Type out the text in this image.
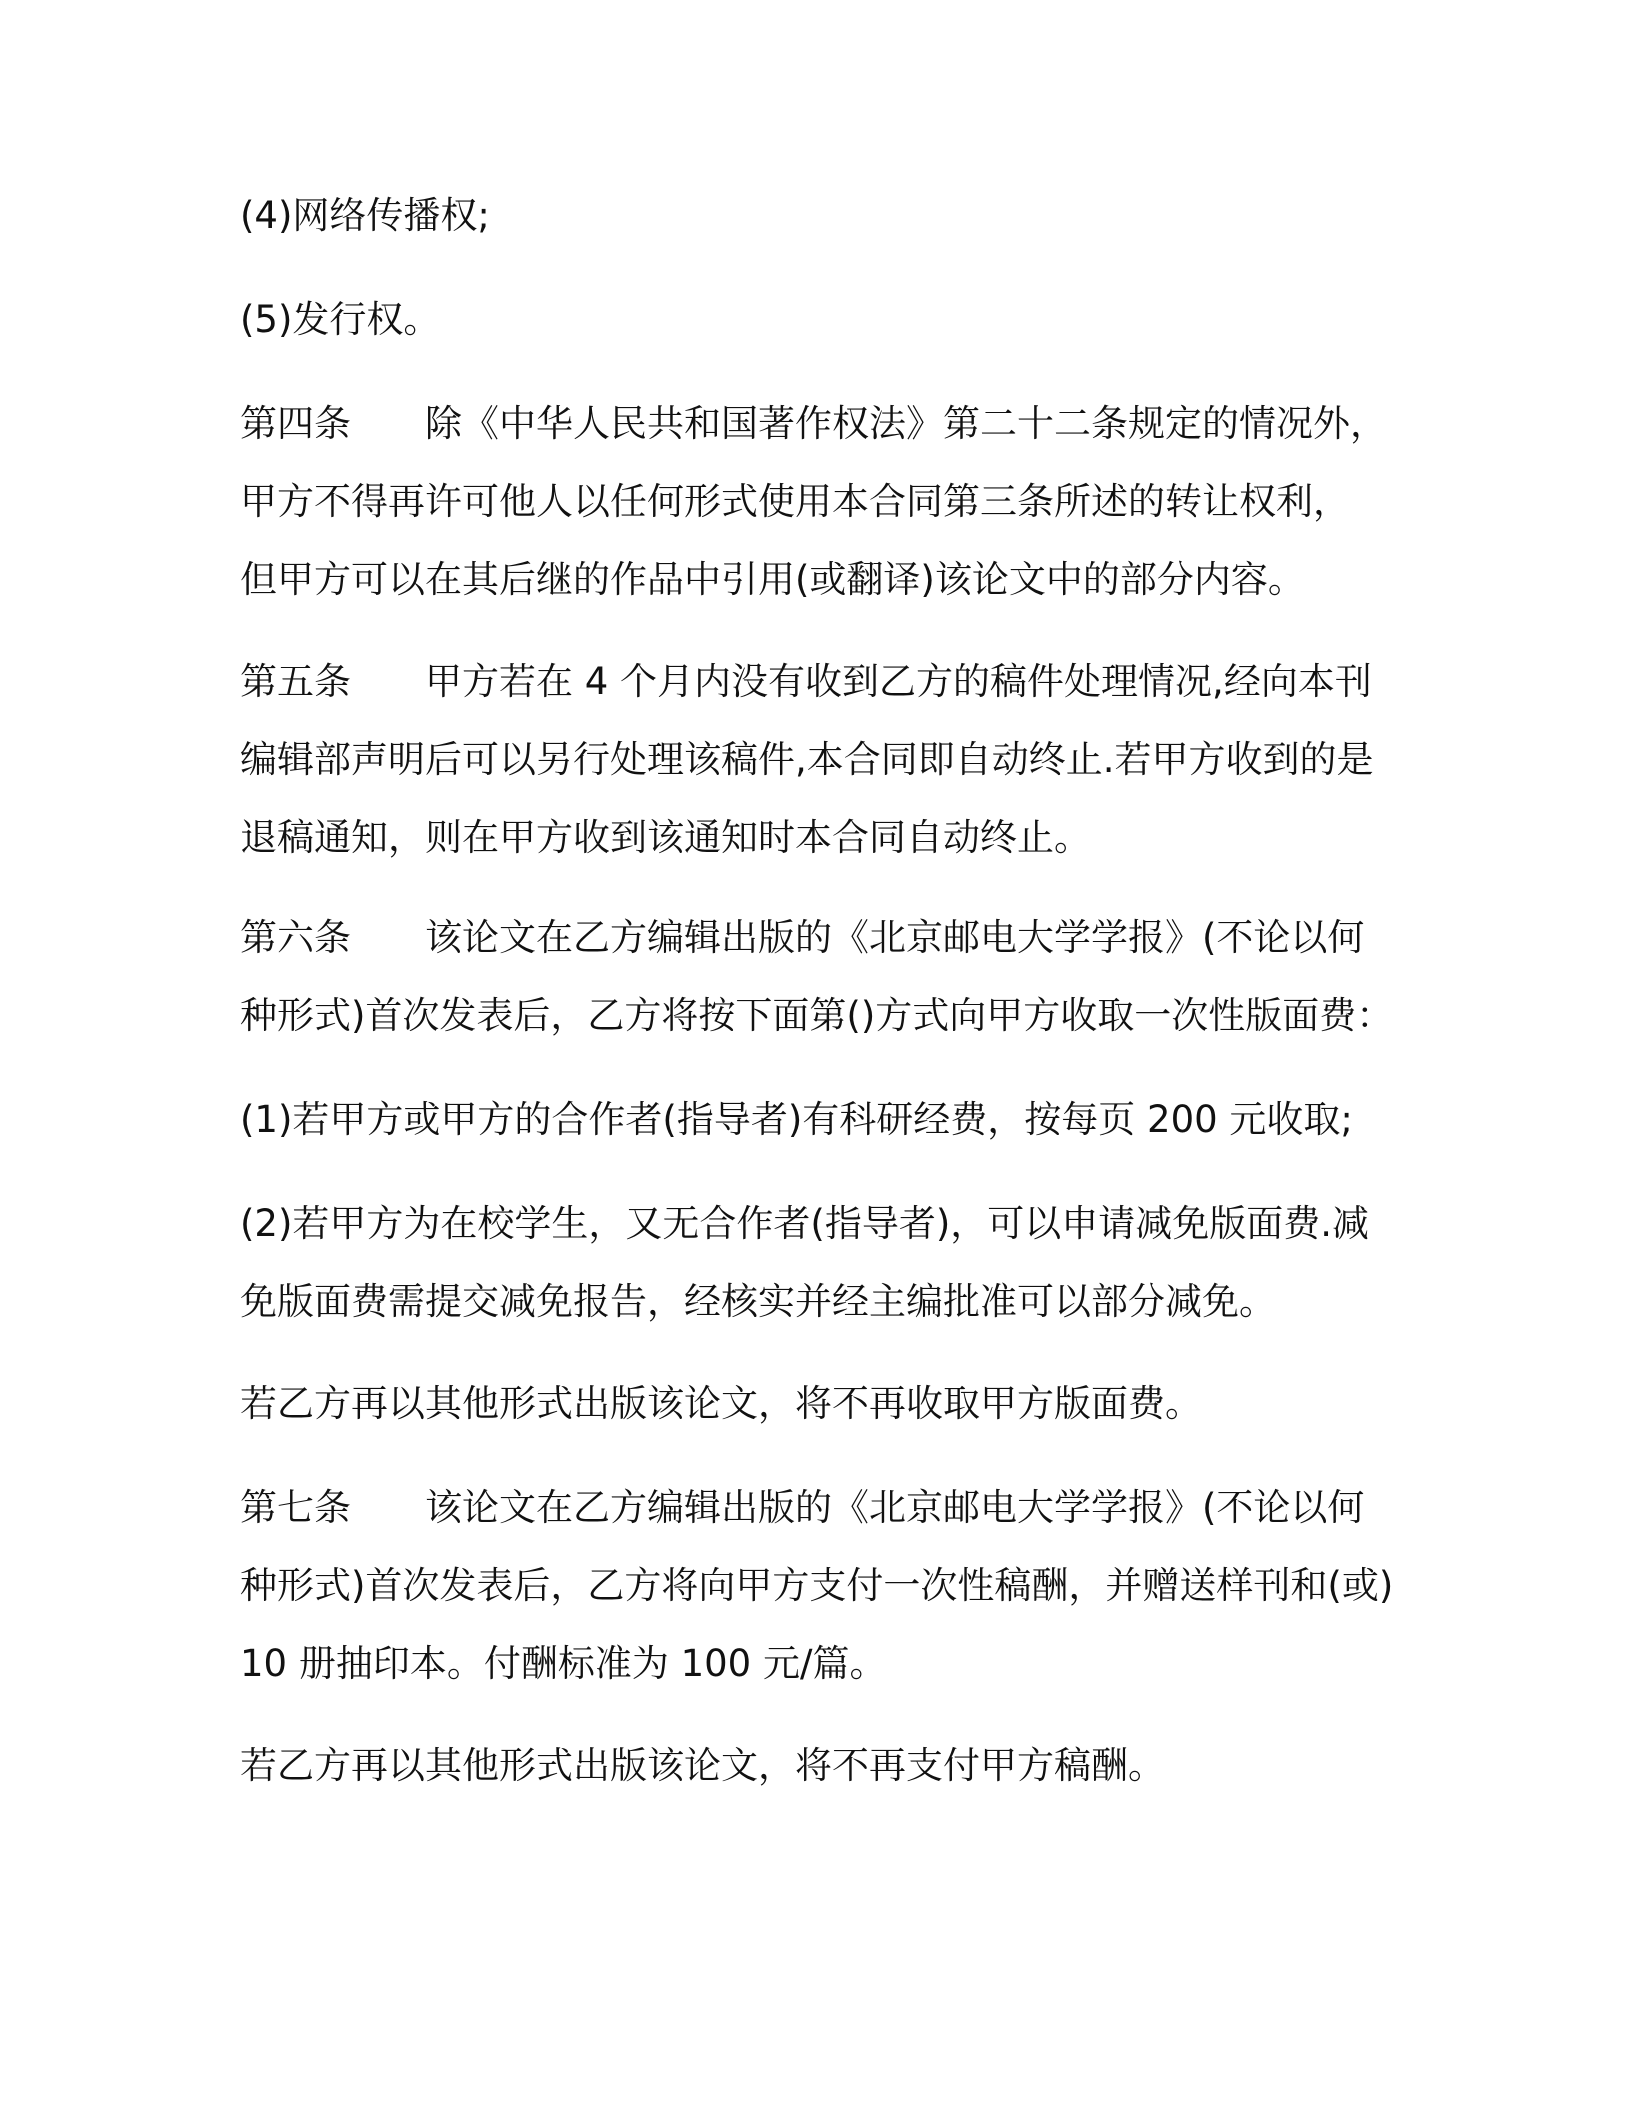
(4)网络传播权;

(5)发行权。

第四条　　除《中华人民共和国著作权法》第二十二条规定的情况外，

甲方不得再许可他人以任何形式使用本合同第三条所述的转让权利，

但甲方可以在其后继的作品中引用(或翻译)该论文中的部分内容。

第五条　　甲方若在 4 个月内没有收到乙方的稿件处理情况,经向本刊

编辑部声明后可以另行处理该稿件,本合同即自动终止.若甲方收到的是

退稿通知，则在甲方收到该通知时本合同自动终止。

第六条　　该论文在乙方编辑出版的《北京邮电大学学报》(不论以何

种形式)首次发表后，乙方将按下面第()方式向甲方收取一次性版面费：

(1)若甲方或甲方的合作者(指导者)有科研经费，按每页 200 元收取;

(2)若甲方为在校学生，又无合作者(指导者)，可以申请减免版面费.减

免版面费需提交减免报告，经核实并经主编批准可以部分减免。

若乙方再以其他形式出版该论文，将不再收取甲方版面费。

第七条　　该论文在乙方编辑出版的《北京邮电大学学报》(不论以何

种形式)首次发表后，乙方将向甲方支付一次性稿酬，并赠送样刊和(或)

10 册抽印本。付酬标准为 100 元/篇。

若乙方再以其他形式出版该论文，将不再支付甲方稿酬。
